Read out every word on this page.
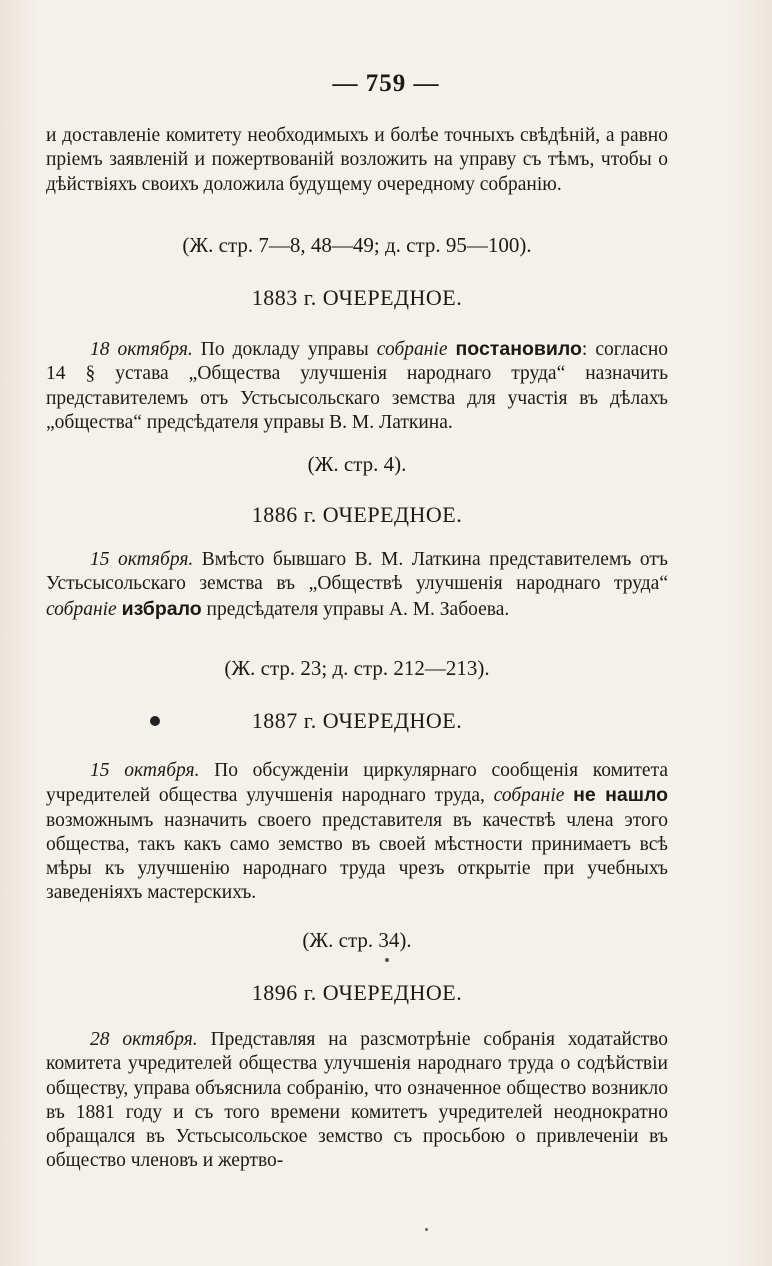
— 759 —
и доставленіе комитету необходимыхъ и болѣе точныхъ свѣдѣній, а равно пріемъ заявленій и пожертвованій возложить на управу съ тѣмъ, чтобы о дѣйствіяхъ своихъ доложила будущему очередному собранію.
(Ж. стр. 7—8, 48—49; д. стр. 95—100).
1883 г. ОЧЕРЕДНОЕ.
18 октября. По докладу управы собраніе постановило: согласно 14 § устава „Общества улучшенія народнаго труда“ назначить представителемъ отъ Устьсысольскаго земства для участія въ дѣлахъ „общества“ предсѣдателя управы В. М. Латкина.
(Ж. стр. 4).
1886 г. ОЧЕРЕДНОЕ.
15 октября. Вмѣсто бывшаго В. М. Латкина представителемъ отъ Устьсысольскаго земства въ „Обществѣ улучшенія народнаго труда“ собраніе избрало предсѣдателя управы А. М. Забоева.
(Ж. стр. 23; д. стр. 212—213).
1887 г. ОЧЕРЕДНОЕ.
15 октября. По обсужденіи циркулярнаго сообщенія комитета учредителей общества улучшенія народнаго труда, собраніе не нашло возможнымъ назначить своего представителя въ качествѣ члена этого общества, такъ какъ само земство въ своей мѣстности принимаетъ всѣ мѣры къ улучшенію народнаго труда чрезъ открытіе при учебныхъ заведеніяхъ мастерскихъ.
(Ж. стр. 34).
1896 г. ОЧЕРЕДНОЕ.
28 октября. Представляя на разсмотрѣніе собранія ходатайство комитета учредителей общества улучшенія народнаго труда о содѣйствіи обществу, управа объяснила собранію, что означенное общество возникло въ 1881 году и съ того времени комитетъ учредителей неоднократно обращался въ Устьсысольское земство съ просьбою о привлеченіи въ общество членовъ и жертво-
